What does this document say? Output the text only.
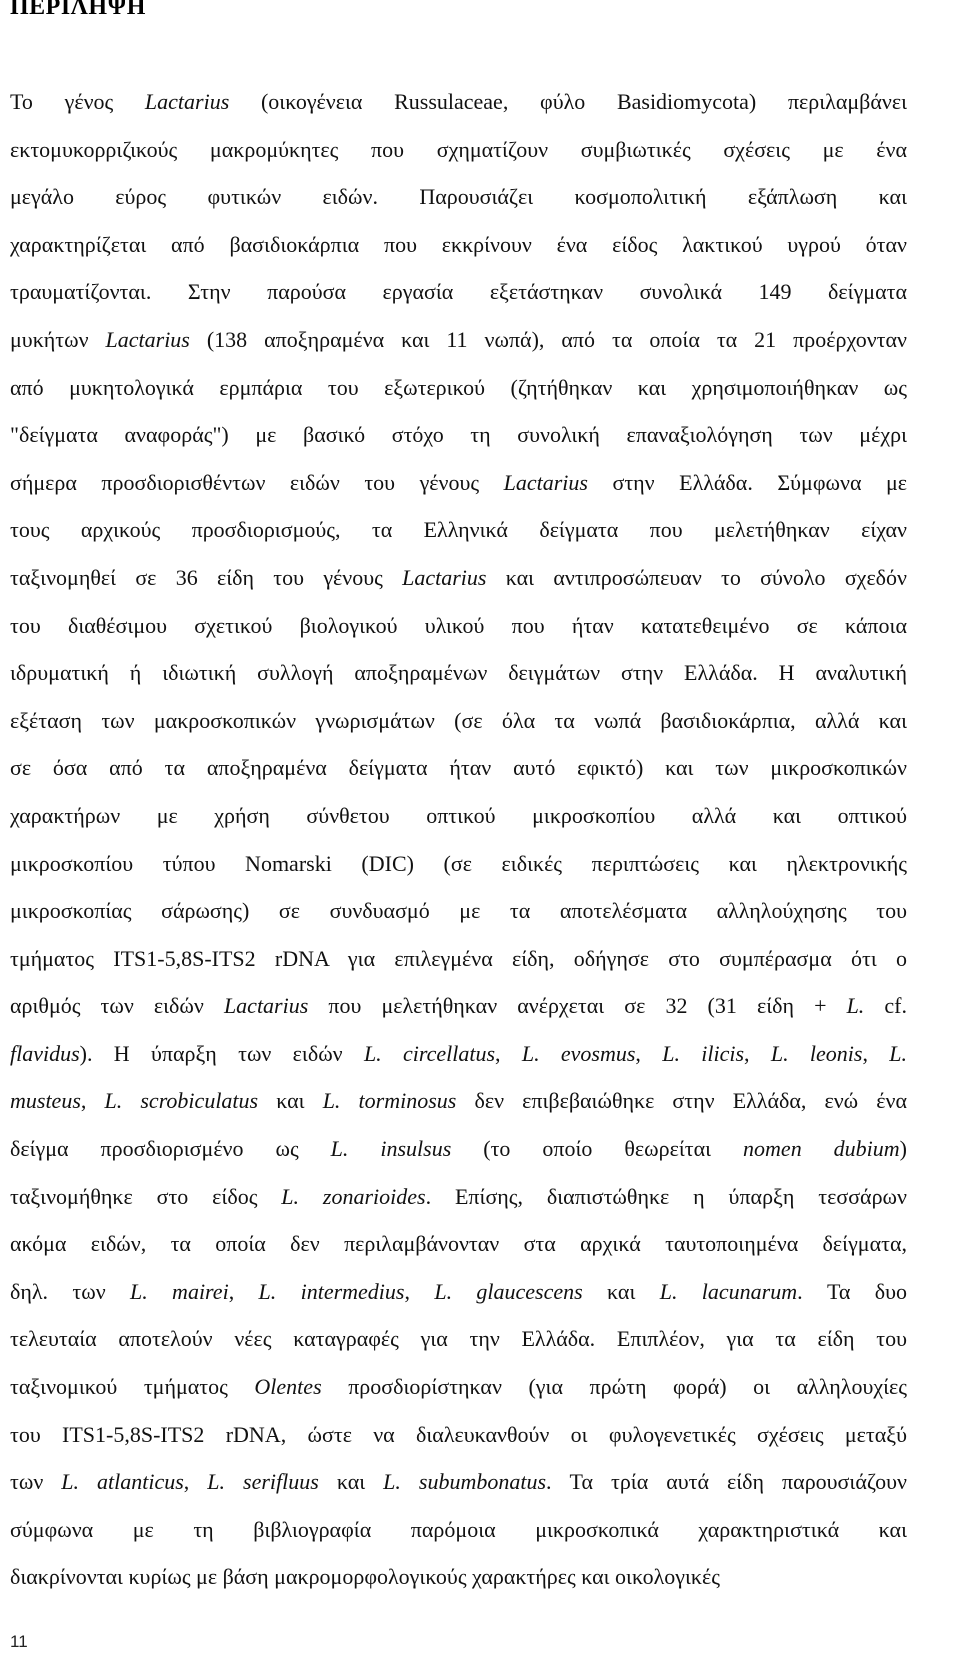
ΠΕΡΙΛΗΨΗ
Το γένος Lactarius (οικογένεια Russulaceae, φύλο Basidiomycota) περιλαμβάνει
εκτομυκορριζικούς μακρομύκητες που σχηματίζουν συμβιωτικές σχέσεις με ένα
μεγάλο εύρος φυτικών ειδών. Παρουσιάζει κοσμοπολιτική εξάπλωση και
χαρακτηρίζεται από βασιδιοκάρπια που εκκρίνουν ένα είδος λακτικού υγρού όταν
τραυματίζονται. Στην παρούσα εργασία εξετάστηκαν συνολικά 149 δείγματα
μυκήτων Lactarius (138 αποξηραμένα και 11 νωπά), από τα οποία τα 21 προέρχονταν
από μυκητολογικά ερμπάρια του εξωτερικού (ζητήθηκαν και χρησιμοποιήθηκαν ως
"δείγματα αναφοράς") με βασικό στόχο τη συνολική επαναξιολόγηση των μέχρι
σήμερα προσδιορισθέντων ειδών του γένους Lactarius στην Ελλάδα. Σύμφωνα με
τους αρχικούς προσδιορισμούς, τα Ελληνικά δείγματα που μελετήθηκαν είχαν
ταξινομηθεί σε 36 είδη του γένους Lactarius και αντιπροσώπευαν το σύνολο σχεδόν
του διαθέσιμου σχετικού βιολογικού υλικού που ήταν κατατεθειμένο σε κάποια
ιδρυματική ή ιδιωτική συλλογή αποξηραμένων δειγμάτων στην Ελλάδα. Η αναλυτική
εξέταση των μακροσκοπικών γνωρισμάτων (σε όλα τα νωπά βασιδιοκάρπια, αλλά και
σε όσα από τα αποξηραμένα δείγματα ήταν αυτό εφικτό) και των μικροσκοπικών
χαρακτήρων με χρήση σύνθετου οπτικού μικροσκοπίου αλλά και οπτικού
μικροσκοπίου τύπου Nomarski (DIC) (σε ειδικές περιπτώσεις και ηλεκτρονικής
μικροσκοπίας σάρωσης) σε συνδυασμό με τα αποτελέσματα αλληλούχησης του
τμήματος ITS1-5,8S-ITS2 rDNA για επιλεγμένα είδη, οδήγησε στο συμπέρασμα ότι ο
αριθμός των ειδών Lactarius που μελετήθηκαν ανέρχεται σε 32 (31 είδη + L. cf.
flavidus). Η ύπαρξη των ειδών L. circellatus, L. evosmus, L. ilicis, L. leonis, L.
musteus, L. scrobiculatus και L. torminosus δεν επιβεβαιώθηκε στην Ελλάδα, ενώ ένα
δείγμα προσδιορισμένο ως L. insulsus (το οποίο θεωρείται nomen dubium)
ταξινομήθηκε στο είδος L. zonarioides. Επίσης, διαπιστώθηκε η ύπαρξη τεσσάρων
ακόμα ειδών, τα οποία δεν περιλαμβάνονταν στα αρχικά ταυτοποιημένα δείγματα,
δηλ. των L. mairei, L. intermedius, L. glaucescens και L. lacunarum. Τα δυο
τελευταία αποτελούν νέες καταγραφές για την Ελλάδα. Επιπλέον, για τα είδη του
ταξινομικού τμήματος Olentes προσδιορίστηκαν (για πρώτη φορά) οι αλληλουχίες
του ITS1-5,8S-ITS2 rDNA, ώστε να διαλευκανθούν οι φυλογενετικές σχέσεις μεταξύ
των L. atlanticus, L. serifluus και L. subumbonatus. Τα τρία αυτά είδη παρουσιάζουν
σύμφωνα με τη βιβλιογραφία παρόμοια μικροσκοπικά χαρακτηριστικά και
διακρίνονται κυρίως με βάση μακρομορφολογικούς χαρακτήρες και οικολογικές
11
